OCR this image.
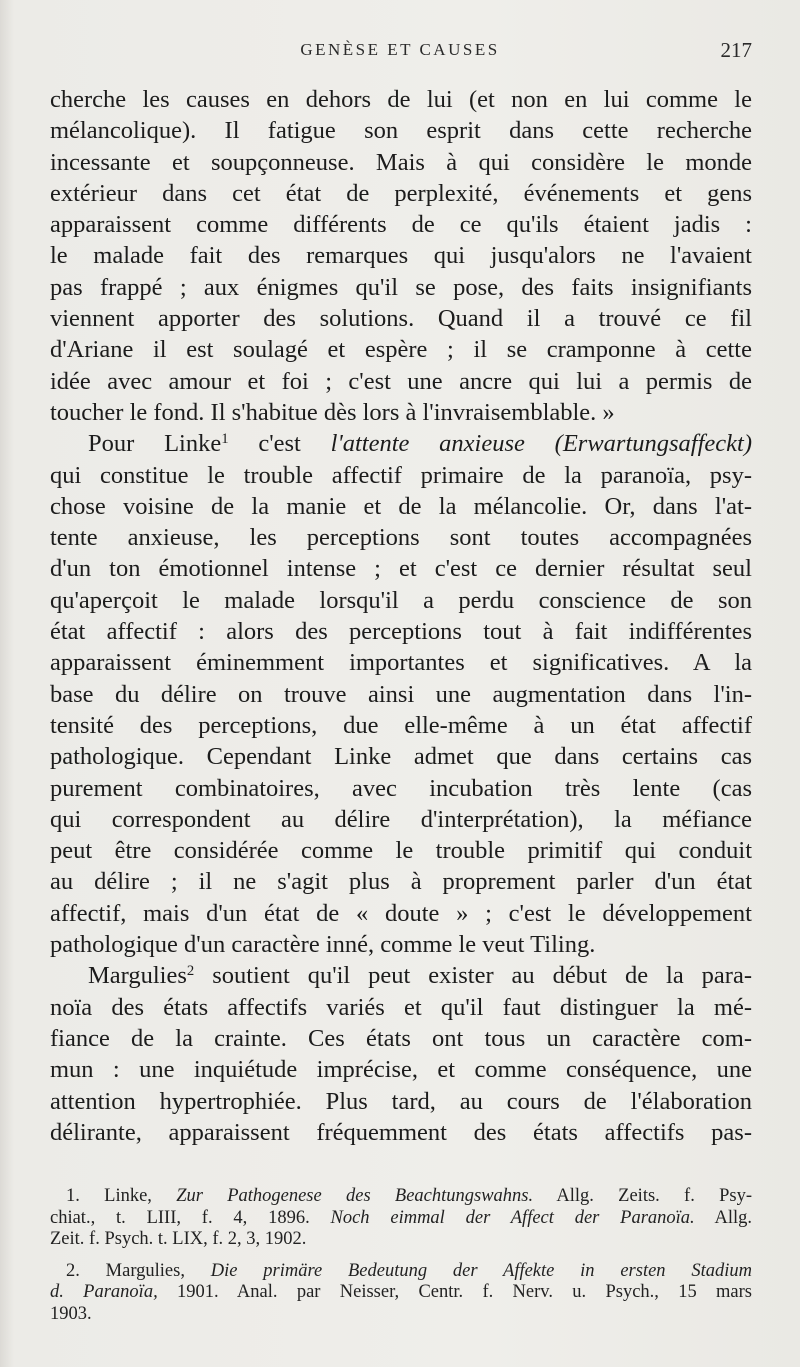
GENÈSE ET CAUSES	217
cherche les causes en dehors de lui (et non en lui comme le
mélancolique). Il fatigue son esprit dans cette recherche
incessante et soupçonneuse. Mais à qui considère le monde
extérieur dans cet état de perplexité, événements et gens
apparaissent comme différents de ce qu'ils étaient jadis :
le malade fait des remarques qui jusqu'alors ne l'avaient
pas frappé ; aux énigmes qu'il se pose, des faits insignifiants
viennent apporter des solutions. Quand il a trouvé ce fil
d'Ariane il est soulagé et espère ; il se cramponne à cette
idée avec amour et foi ; c'est une ancre qui lui a permis de
toucher le fond. Il s'habitue dès lors à l'invraisemblable. »
Pour Linke$^1$ c'est l'attente anxieuse (Erwartungsaffeckt)
qui constitue le trouble affectif primaire de la paranoïa, psy-
chose voisine de la manie et de la mélancolie. Or, dans l'at-
tente anxieuse, les perceptions sont toutes accompagnées
d'un ton émotionnel intense ; et c'est ce dernier résultat seul
qu'aperçoit le malade lorsqu'il a perdu conscience de son
état affectif : alors des perceptions tout à fait indifférentes
apparaissent éminemment importantes et significatives. A la
base du délire on trouve ainsi une augmentation dans l'in-
tensité des perceptions, due elle-même à un état affectif
pathologique. Cependant Linke admet que dans certains cas
purement combinatoires, avec incubation très lente (cas
qui correspondent au délire d'interprétation), la méfiance
peut être considérée comme le trouble primitif qui conduit
au délire ; il ne s'agit plus à proprement parler d'un état
affectif, mais d'un état de « doute » ; c'est le développement
pathologique d'un caractère inné, comme le veut Tiling.
Margulies$^2$ soutient qu'il peut exister au début de la para-
noïa des états affectifs variés et qu'il faut distinguer la mé-
fiance de la crainte. Ces états ont tous un caractère com-
mun : une inquiétude imprécise, et comme conséquence, une
attention hypertrophiée. Plus tard, au cours de l'élaboration
délirante, apparaissent fréquemment des états affectifs pas-
1. Linke, Zur Pathogenese des Beachtungswahns. Allg. Zeits. f. Psy-
chiat., t. LIII, f. 4, 1896. Noch eimmal der Affect der Paranoïa. Allg.
Zeit. f. Psych. t. LIX, f. 2, 3, 1902.
2. Margulies, Die primäre Bedeutung der Affekte in ersten Stadium
d. Paranoïa, 1901. Anal. par Neisser, Centr. f. Nerv. u. Psych., 15 mars
1903.
